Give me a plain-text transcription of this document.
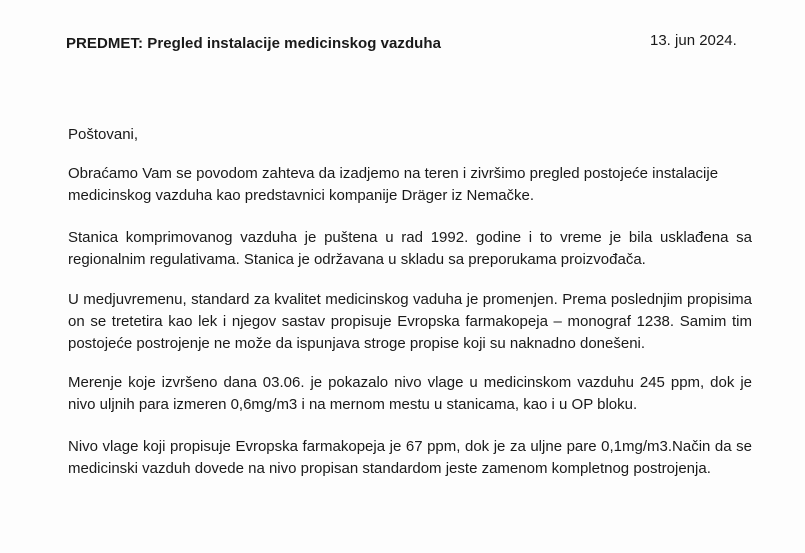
PREDMET: Pregled instalacije medicinskog vazduha	13. jun 2024.

Poštovani,

Obraćamo Vam se povodom zahteva da izadjemo na teren i zivršimo pregled postojeće instalacije medicinskog vazduha kao predstavnici kompanije Dräger iz Nemačke.

Stanica komprimovanog vazduha je puštena u rad 1992. godine i to vreme je bila usklađena sa regionalnim regulativama. Stanica je održavana u skladu sa preporukama proizvođača.

U medjuvremenu, standard za kvalitet medicinskog vaduha je promenjen. Prema poslednjim propisima on se tretetira kao lek i njegov sastav propisuje Evropska farmakopeja – monograf 1238. Samim tim postojeće postrojenje ne može da ispunjava stroge propise koji su naknadno donešeni.

Merenje koje izvršeno dana 03.06. je pokazalo nivo vlage u medicinskom vazduhu 245 ppm, dok je nivo uljnih para izmeren 0,6mg/m3 i na mernom mestu u stanicama, kao i u OP bloku.

Nivo vlage koji propisuje Evropska farmakopeja je 67 ppm, dok je za uljne pare 0,1mg/m3.Način da se medicinski vazduh dovede na nivo propisan standardom jeste zamenom kompletnog postrojenja.
